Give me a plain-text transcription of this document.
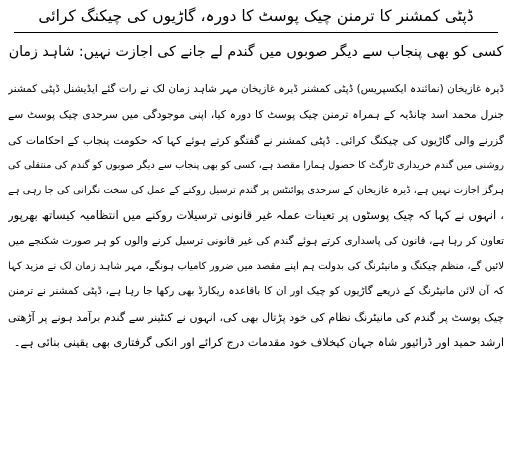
ڈپٹی کمشنر کا ترمنن چیک پوسٹ کا دورہ، گاڑیوں کی چیکنگ کرائی
کسی کو بھی پنجاب سے دیگر صوبوں میں گندم لے جانے کی اجازت نہیں: شاہد زمان
ڈیرہ غازیخان (نمائندہ ایکسپریس) ڈپٹی کمشنر ڈیرہ غازیخان مہر شاہد زمان لک نے رات گئے ایڈیشنل ڈپٹی کمشنر
جنرل محمد اسد چانڈیہ کے ہمراہ ترمنن چیک پوسٹ کا دورہ کیا، اپنی موجودگی میں سرحدی چیک پوسٹ سے
گزرنے والی گاڑیوں کی چیکنگ کرائی۔ ڈپٹی کمشنر نے گفتگو کرتے ہوئے کہا کہ حکومت پنجاب کے احکامات کی
روشنی میں گندم خریداری ٹارگٹ کا حصول ہمارا مقصد ہے، کسی کو بھی پنجاب سے دیگر صوبوں کو گندم کی منتقلی کی
ہرگز اجازت نہیں ہے، ڈیرہ غازیخان کے سرحدی پوائنٹس پر گندم ترسیل روکنے کے عمل کی سخت نگرانی کی جا رہی ہے
، انہوں نے کہا کہ چیک پوسٹوں پر تعینات عملہ غیر قانونی ترسیلات روکنے میں انتظامیہ کیساتھ بھرپور
تعاون کر رہا ہے، قانون کی پاسداری کرتے ہوئے گندم کی غیر قانونی ترسیل کرنے والوں کو ہر صورت شکنجے میں
لائیں گے، منظم چیکنگ و مانیٹرنگ کی بدولت ہم اپنے مقصد میں ضرور کامیاب ہونگے، مہر شاہد زمان لک نے مزید کہا
کہ آن لائن مانیٹرنگ کے ذریعے گاڑیوں کو چیک اور ان کا باقاعدہ ریکارڈ بھی رکھا جا رہا ہے، ڈپٹی کمشنر نے ترمنن
چیک پوسٹ پر گندم کی مانیٹرنگ نظام کی خود پڑتال بھی کی، انہوں نے کنٹینر سے گندم برآمد ہونے پر آڑھتی
ارشد حمید اور ڈرائیور شاہ جہان کیخلاف خود مقدمات درج کرائے اور انکی گرفتاری بھی یقینی بنائی ہے۔
